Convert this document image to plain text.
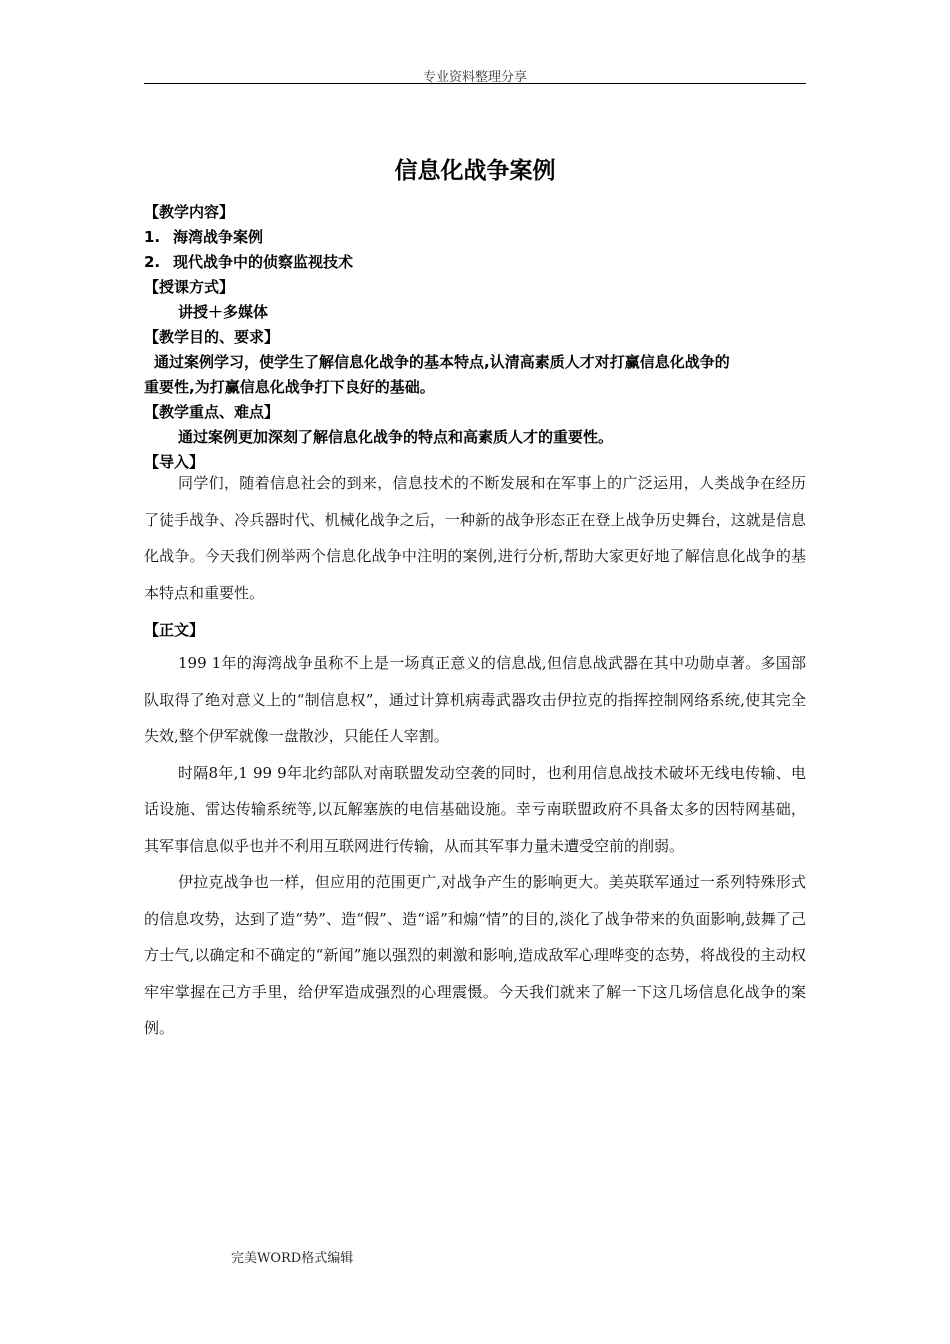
专业资料整理分享
信息化战争案例
【教学内容】
1. 海湾战争案例
2. 现代战争中的侦察监视技术
【授课方式】
讲授＋多媒体
【教学目的、要求】
通过案例学习，使学生了解信息化战争的基本特点,认清高素质人才对打赢信息化战争的
重要性,为打赢信息化战争打下良好的基础。
【教学重点、难点】
通过案例更加深刻了解信息化战争的特点和高素质人才的重要性。
【导入】

同学们，随着信息社会的到来，信息技术的不断发展和在军事上的广泛运用，人类战争在经历了徒手战争、冷兵器时代、机械化战争之后，一种新的战争形态正在登上战争历史舞台，这就是信息化战争。今天我们例举两个信息化战争中注明的案例,进行分析,帮助大家更好地了解信息化战争的基本特点和重要性。

【正文】

199 1年的海湾战争虽称不上是一场真正意义的信息战,但信息战武器在其中功勋卓著。多国部队取得了绝对意义上的“制信息权”，通过计算机病毒武器攻击伊拉克的指挥控制网络系统,使其完全失效,整个伊军就像一盘散沙，只能任人宰割。

时隔8年,1 99 9年北约部队对南联盟发动空袭的同时，也利用信息战技术破坏无线电传输、电话设施、雷达传输系统等,以瓦解塞族的电信基础设施。幸亏南联盟政府不具备太多的因特网基础，其军事信息似乎也并不利用互联网进行传输，从而其军事力量未遭受空前的削弱。

伊拉克战争也一样，但应用的范围更广,对战争产生的影响更大。美英联军通过一系列特殊形式的信息攻势，达到了造“势”、造“假”、造“谣”和煽“情”的目的,淡化了战争带来的负面影响,鼓舞了己方士气,以确定和不确定的“新闻”施以强烈的刺激和影响,造成敌军心理哗变的态势，将战役的主动权牢牢掌握在己方手里，给伊军造成强烈的心理震慑。今天我们就来了解一下这几场信息化战争的案例。

完美WORD格式编辑
